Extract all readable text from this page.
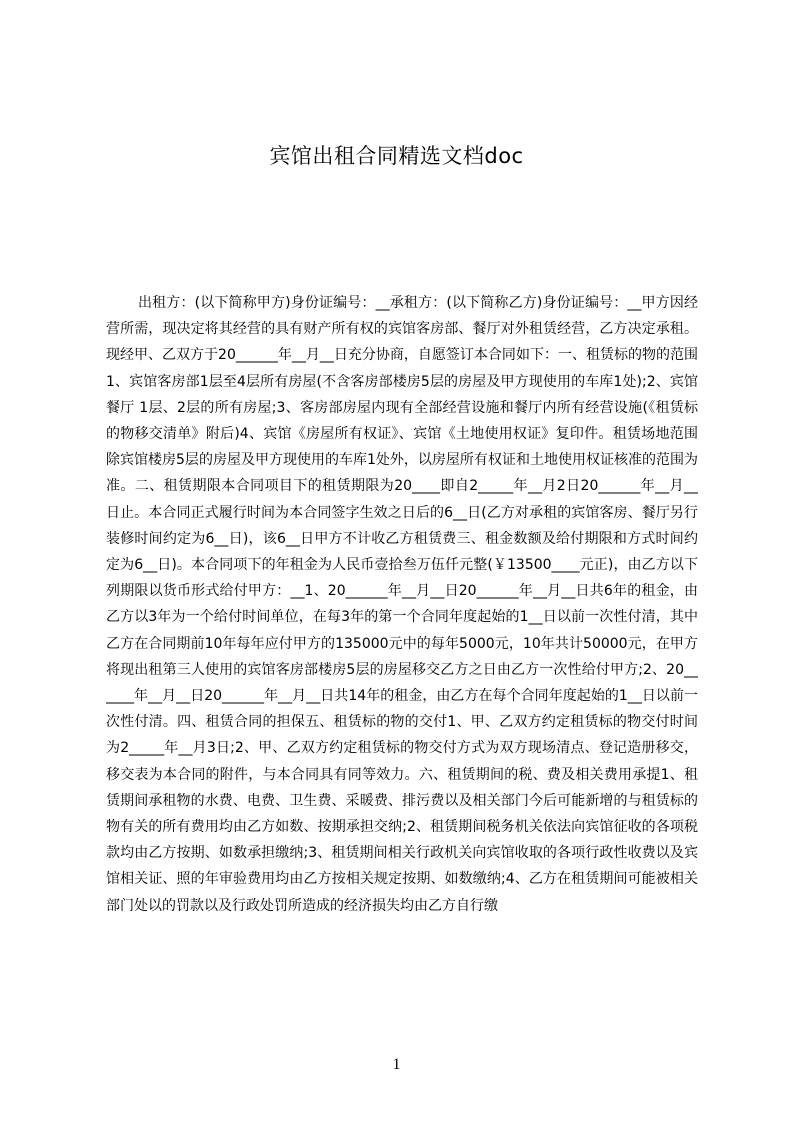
宾馆出租合同精选文档doc

出租方：(以下简称甲方)身份证编号：__承租方：(以下简称乙方)身份证编号：__甲方因经营所需，现决定将其经营的具有财产所有权的宾馆客房部、餐厅对外租赁经营，乙方决定承租。现经甲、乙双方于20______年__月__日充分协商，自愿签订本合同如下：一、租赁标的物的范围1、宾馆客房部1层至4层所有房屋(不含客房部楼房5层的房屋及甲方现使用的车库1处);2、宾馆餐厅 1层、2层的所有房屋;3、客房部房屋内现有全部经营设施和餐厅内所有经营设施(《租赁标的物移交清单》附后)4、宾馆《房屋所有权证》、宾馆《土地使用权证》复印件。租赁场地范围除宾馆楼房5层的房屋及甲方现使用的车库1处外，以房屋所有权证和土地使用权证核准的范围为准。二、租赁期限本合同项目下的租赁期限为20____即自2_____年__月2日20______年__月__日止。本合同正式履行时间为本合同签字生效之日后的6__日(乙方对承租的宾馆客房、餐厅另行装修时间约定为6__日)，该6__日甲方不计收乙方租赁费三、租金数额及给付期限和方式时间约定为6__日)。本合同项下的年租金为人民币壹拾叁万伍仟元整(￥13500____元正)，由乙方以下列期限以货币形式给付甲方：__1、20______年__月__日20______年__月__日共6年的租金，由乙方以3年为一个给付时间单位，在每3年的第一个合同年度起始的1__日以前一次性付清，其中乙方在合同期前10年每年应付甲方的135000元中的每年5000元，10年共计50000元，在甲方将现出租第三人使用的宾馆客房部楼房5层的房屋移交乙方之日由乙方一次性给付甲方;2、20______年__月__日20______年__月__日共14年的租金，由乙方在每个合同年度起始的1__日以前一次性付清。四、租赁合同的担保五、租赁标的物的交付1、甲、乙双方约定租赁标的物交付时间为2_____年__月3日;2、甲、乙双方约定租赁标的物交付方式为双方现场清点、登记造册移交，移交表为本合同的附件，与本合同具有同等效力。六、租赁期间的税、费及相关费用承提1、租赁期间承租物的水费、电费、卫生费、采暖费、排污费以及相关部门今后可能新增的与租赁标的物有关的所有费用均由乙方如数、按期承担交纳;2、租赁期间税务机关依法向宾馆征收的各项税款均由乙方按期、如数承担缴纳;3、租赁期间相关行政机关向宾馆收取的各项行政性收费以及宾馆相关证、照的年审验费用均由乙方按相关规定按期、如数缴纳;4、乙方在租赁期间可能被相关部门处以的罚款以及行政处罚所造成的经济损失均由乙方自行缴

1
